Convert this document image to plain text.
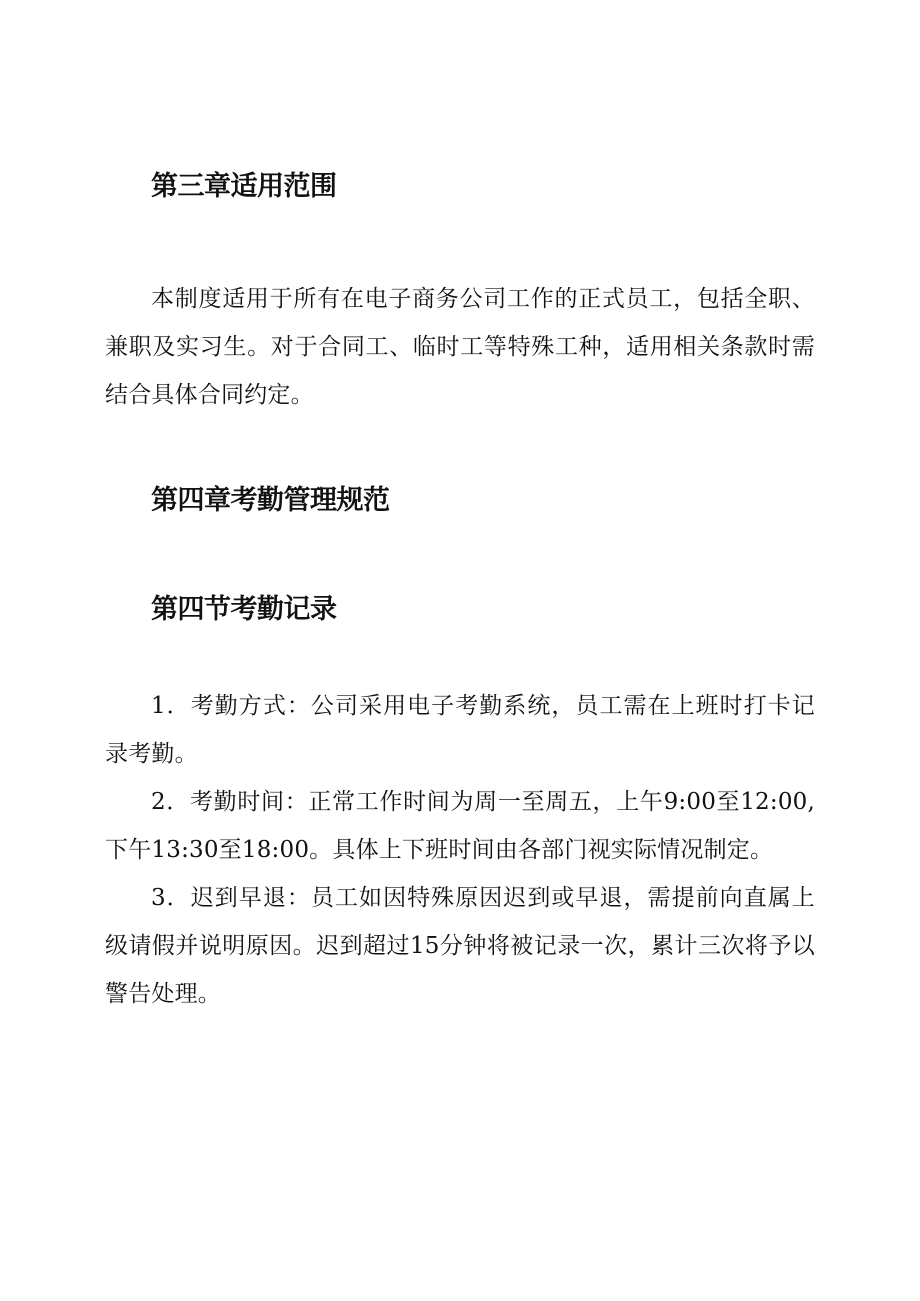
第三章适用范围

本制度适用于所有在电子商务公司工作的正式员工，包括全职、兼职及实习生。对于合同工、临时工等特殊工种，适用相关条款时需结合具体合同约定。

第四章考勤管理规范
第四节考勤记录

1．考勤方式：公司采用电子考勤系统，员工需在上班时打卡记录考勤。

2．考勤时间：正常工作时间为周一至周五，上午9:00至12:00,下午13:30至18:00。具体上下班时间由各部门视实际情况制定。

3．迟到早退：员工如因特殊原因迟到或早退，需提前向直属上级请假并说明原因。迟到超过15分钟将被记录一次，累计三次将予以警告处理。
